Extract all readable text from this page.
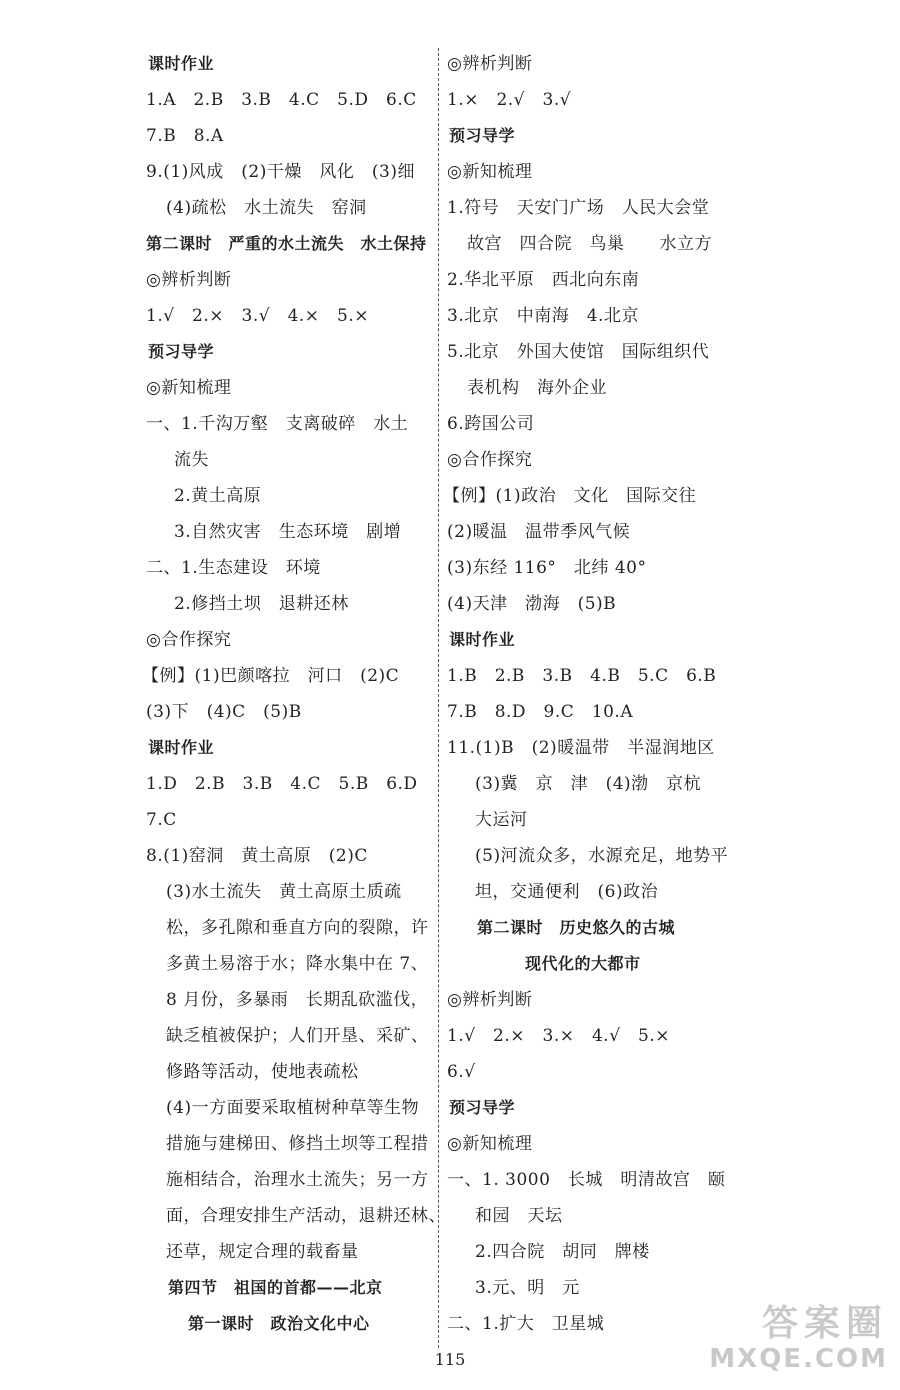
课时作业
1.A　2.B　3.B　4.C　5.D　6.C
7.B　8.A
9.(1)风成　(2)干燥　风化　(3)细
(4)疏松　水土流失　窑洞
第二课时　严重的水土流失　水土保持
◎辨析判断
1.√　2.×　3.√　4.×　5.×
预习导学
◎新知梳理
一、1.千沟万壑　支离破碎　水土
流失
2.黄土高原
3.自然灾害　生态环境　剧增
二、1.生态建设　环境
2.修挡土坝　退耕还林
◎合作探究
【例】(1)巴颜喀拉　河口　(2)C
(3)下　(4)C　(5)B
课时作业
1.D　2.B　3.B　4.C　5.B　6.D
7.C
8.(1)窑洞　黄土高原　(2)C
(3)水土流失　黄土高原土质疏
松，多孔隙和垂直方向的裂隙，许
多黄土易溶于水；降水集中在 7、
8 月份，多暴雨　长期乱砍滥伐，
缺乏植被保护；人们开垦、采矿、
修路等活动，使地表疏松
(4)一方面要采取植树种草等生物
措施与建梯田、修挡土坝等工程措
施相结合，治理水土流失；另一方
面，合理安排生产活动，退耕还林、
还草，规定合理的载畜量
第四节　祖国的首都——北京
第一课时　政治文化中心
◎辨析判断
1.×　2.√　3.√
预习导学
◎新知梳理
1.符号　天安门广场　人民大会堂
故宫　四合院　鸟巢　　水立方
2.华北平原　西北向东南
3.北京　中南海　4.北京
5.北京　外国大使馆　国际组织代
表机构　海外企业
6.跨国公司
◎合作探究
【例】(1)政治　文化　国际交往
(2)暖温　温带季风气候
(3)东经 116°　北纬 40°
(4)天津　渤海　(5)B
课时作业
1.B　2.B　3.B　4.B　5.C　6.B
7.B　8.D　9.C　10.A
11.(1)B　(2)暖温带　半湿润地区
(3)冀　京　津　(4)渤　京杭
大运河
(5)河流众多，水源充足，地势平
坦，交通便利　(6)政治
第二课时　历史悠久的古城
现代化的大都市
◎辨析判断
1.√　2.×　3.×　4.√　5.×
6.√
预习导学
◎新知梳理
一、1. 3000　长城　明清故宫　颐
和园　天坛
2.四合院　胡同　牌楼
3.元、明　元
二、1.扩大　卫星城
115
答案圈
MXQE.COM
